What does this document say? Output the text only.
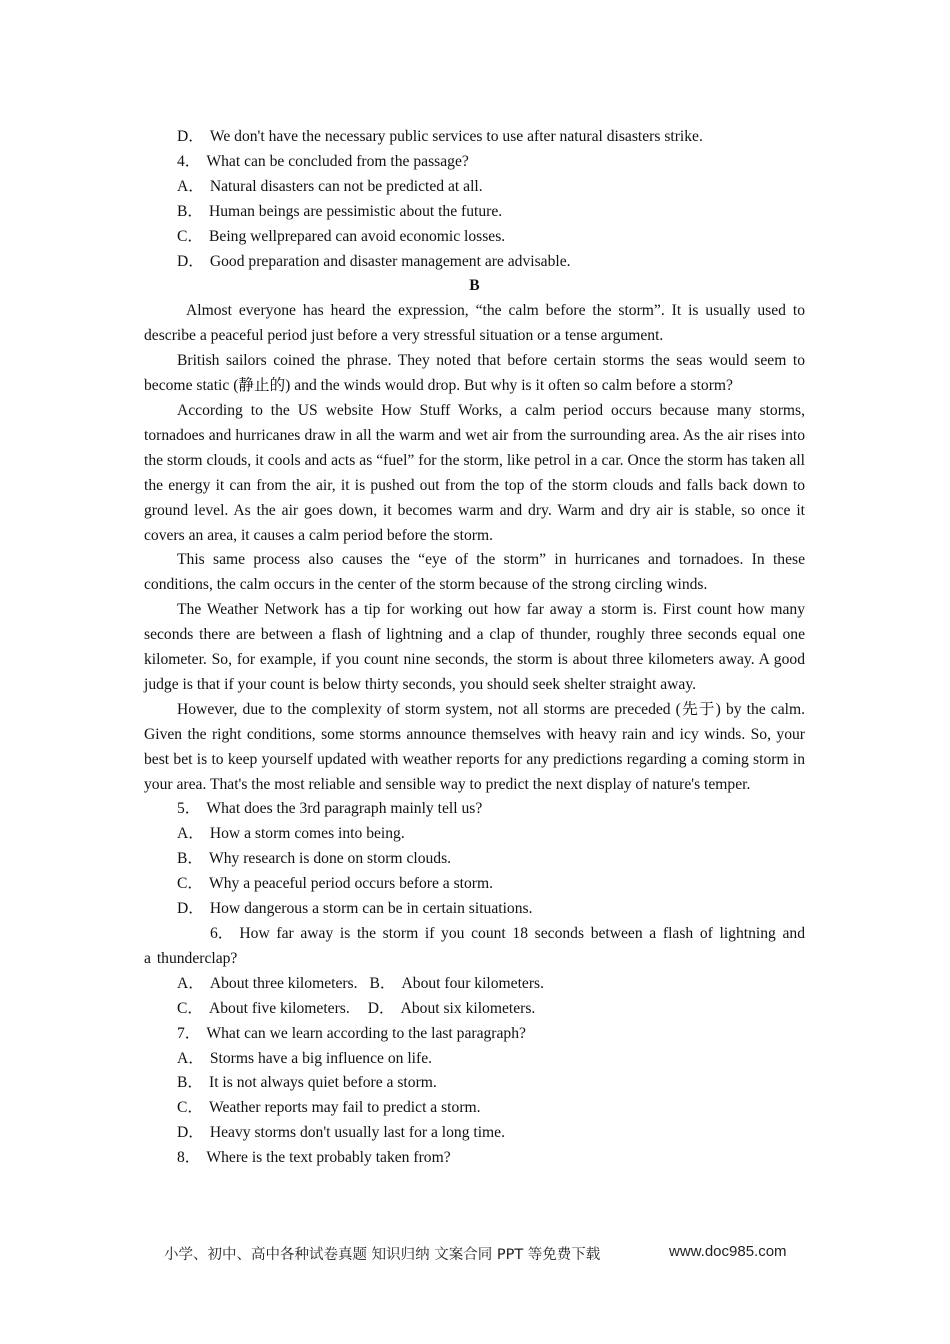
D． We don't have the necessary public services to use after natural disasters strike.
4． What can be concluded from the passage?
A． Natural disasters can not be predicted at all.
B． Human beings are pessimistic about the future.
C． Being wellprepared can avoid economic losses.
D． Good preparation and disaster management are advisable.
B

Almost everyone has heard the expression, “the calm before the storm”. It is usually used to describe a peaceful period just before a very stressful situation or a tense argument.

British sailors coined the phrase. They noted that before certain storms the seas would seem to become static (静止的) and the winds would drop. But why is it often so calm before a storm?

According to the US website How Stuff Works, a calm period occurs because many storms, tornadoes and hurricanes draw in all the warm and wet air from the surrounding area. As the air rises into the storm clouds, it cools and acts as “fuel” for the storm, like petrol in a car. Once the storm has taken all the energy it can from the air, it is pushed out from the top of the storm clouds and falls back down to ground level. As the air goes down, it becomes warm and dry. Warm and dry air is stable, so once it covers an area, it causes a calm period before the storm.

This same process also causes the “eye of the storm” in hurricanes and tornadoes. In these conditions, the calm occurs in the center of the storm because of the strong circling winds.

The Weather Network has a tip for working out how far away a storm is. First count how many seconds there are between a flash of lightning and a clap of thunder, roughly three seconds equal one kilometer. So, for example, if you count nine seconds, the storm is about three kilometers away. A good judge is that if your count is below thirty seconds, you should seek shelter straight away.

However, due to the complexity of storm system, not all storms are preceded (先于) by the calm. Given the right conditions, some storms announce themselves with heavy rain and icy winds. So, your best bet is to keep yourself updated with weather reports for any predictions regarding a coming storm in your area. That's the most reliable and sensible way to predict the next display of nature's temper.

5． What does the 3rd paragraph mainly tell us?
A． How a storm comes into being.
B． Why research is done on storm clouds.
C． Why a peaceful period occurs before a storm.
D． How dangerous a storm can be in certain situations.

6． How far away is the storm if you count 18 seconds between a flash of lightning and a thunderclap?

A． About three kilometers. B． About four kilometers.
C． About five kilometers. D． About six kilometers.
7． What can we learn according to the last paragraph?
A． Storms have a big influence on life.
B． It is not always quiet before a storm.
C． Weather reports may fail to predict a storm.
D． Heavy storms don't usually last for a long time.
8． Where is the text probably taken from?
小学、初中、高中各种试卷真题 知识归纳 文案合同 PPT 等免费下载	www.doc985.com
